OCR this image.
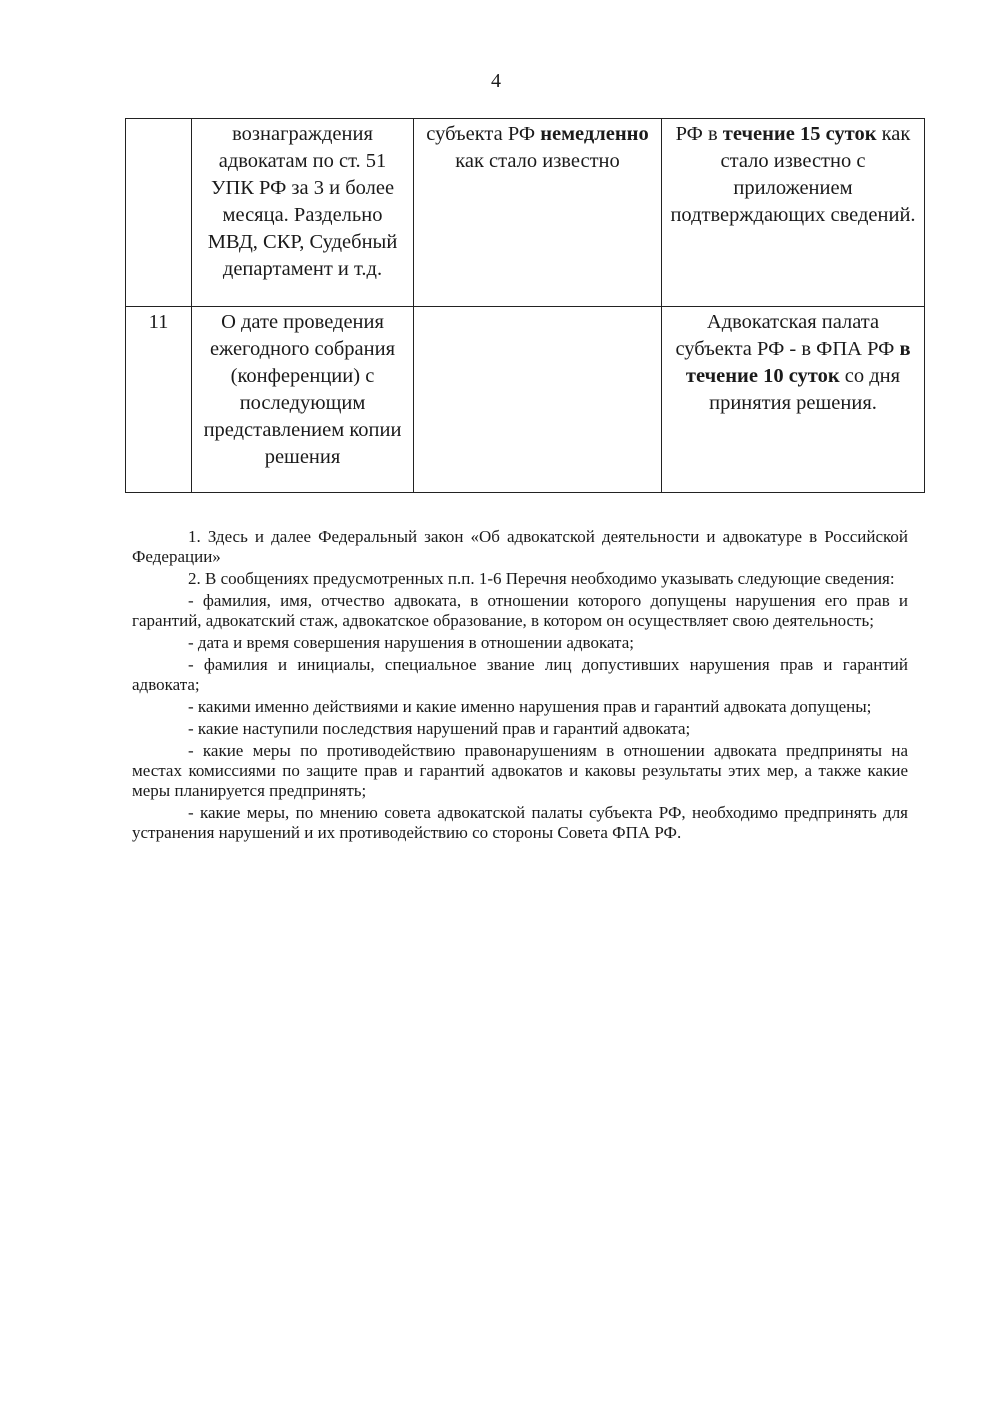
4
	вознаграждения адвокатам по ст. 51 УПК РФ за 3 и более месяца. Раздельно МВД, СКР, Судебный департамент и т.д.	субъекта РФ немедленно как стало известно	РФ в течение 15 суток как стало известно с приложением подтверждающих сведений.
11	О дате проведения ежегодного собрания (конференции) с последующим представлением копии решения		Адвокатская палата субъекта РФ - в ФПА РФ в течение 10 суток со дня принятия решения.

1. Здесь и далее Федеральный закон «Об адвокатской деятельности и адвокатуре в Российской Федерации»

2. В сообщениях предусмотренных п.п. 1-6 Перечня необходимо указывать следующие сведения:

- фамилия, имя, отчество адвоката, в отношении которого допущены нарушения его прав и гарантий, адвокатский стаж, адвокатское образование, в котором он осуществляет свою деятельность;

- дата и время совершения нарушения в отношении адвоката;

- фамилия и инициалы, специальное звание лиц допустивших нарушения прав и гарантий адвоката;

- какими именно действиями и какие именно нарушения прав и гарантий адвоката допущены;

- какие наступили последствия нарушений прав и гарантий адвоката;

- какие меры по противодействию правонарушениям в отношении адвоката предприняты на местах комиссиями по защите прав и гарантий адвокатов и каковы результаты этих мер, а также какие меры планируется предпринять;

- какие меры, по мнению совета адвокатской палаты субъекта РФ, необходимо предпринять для устранения нарушений и их противодействию со стороны Совета ФПА РФ.
